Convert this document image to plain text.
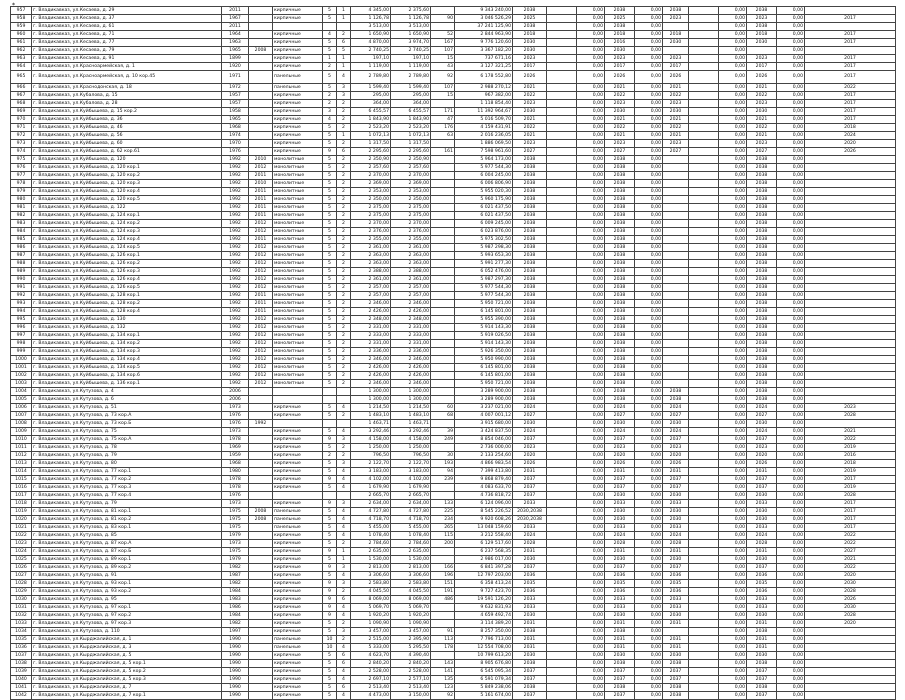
*
957	г. Владикавказ, ул.Кесаева, д. 29	2011		кирпичные	5	1	4 345,00	2 375,60		9 343 240,00	2038		0,00	2038	0,00	2038		0,00	2038	0,00	
958	г. Владикавказ, ул.Кесаева, д. 37	1967		кирпичные	5	1	1 126,78	1 126,78	90	3 046 526,29	2025		0,00	2025	0,00	2023		0,00	2023	0,00	2017
959	г. Владикавказ, ул.Кесаева, д. 61	2011					3 513,00	3 513,00		37 241 125,90	2038		0,00	2038	0,00			0,00	2038	0,00	
960	г. Владикавказ, ул.Кесаева, д. 71	1964		кирпичные	4	2	1 650,90	1 650,90	52	2 844 963,90	2018		0,00	2018	0,00	2018		0,00	2018	0,00	2017
961	г. Владикавказ, ул.Кесаева, д. 77	1963		кирпичные	5	6	4 870,00	3 974,70	167	9 776 120,60	2030		0,00	2016	0,00	2030		0,00	2030	0,00	2017
962	г. Владикавказ, ул.Кесаева, д. 79	1965	2008	кирпичные	5	5	2 740,25	2 740,25	107	3 367 182,20	2030		0,00	2030	0,00			0,00		0,00	
963	г. Владикавказ, ул.Кесаева, д. 91	1899		кирпичные	1	1	197,10	197,10	15	737 671,16	2023		0,00	2023	0,00	2023		0,00	2023	0,00	2017
964	г. Владикавказ, ул.Красноармейская, д. 1	1920		кирпичные	2	1	1 119,00	1 119,00	43	3 127 321,25	2017		0,00	2017	0,00	2017		0,00	2017	0,00	2017
965	г. Владикавказ, ул.Красноармейская, д. 10 кор.45	1971		панельные	5	4	2 789,80	2 789,80	92	6 178 552,80	2026		0,00	2026	0,00	2026		0,00	2026	0,00	2017
966	г. Владикавказ, ул.Краснодонская, д. 18	1972		панельные	5	3	1 599,40	1 599,40	107	2 988 270,12	2021		0,00	2021	0,00	2021		0,00	2021	0,00	2022
967	г. Владикавказ, ул.Кубалова, д. 15	1957		кирпичные	2	3	295,00	295,00	15	967 382,00	2022		0,00	2022	0,00	2022		0,00	2022	0,00	2017
968	г. Владикавказ, ул.Кубалова, д. 28	1957		кирпичные	2	2	364,00	364,00		1 118 854,40	2023		0,00	2023	0,00	2023		0,00	2023	0,00	2017
969	г. Владикавказ, ул.Куйбышева, д. 15 кор.2	1958		кирпичные	3	2	6 455,57	6 455,57	171	11 392 964,67	2030		0,00	2030	0,00	2030		0,00	2030	0,00	2017
970	г. Владикавказ, ул.Куйбышева, д. 36	1965		кирпичные	4	2	1 843,90	1 843,90	47	5 016 509,70	2021		0,00	2021	0,00	2021		0,00	2021	0,00	2017
971	г. Владикавказ, ул.Куйбышева, д. 46	1968		кирпичные	5	2	2 523,20	2 523,20	176	4 159 431,91	2022		0,00	2022	0,00	2022		0,00	2022	0,00	2018
972	г. Владикавказ, ул.Куйбышева, д. 56	1974		кирпичные	5	1	1 072,13	1 072,13	63	2 016 236,05	2021		0,00	2021	0,00	2021		0,00	2021	0,00	2024
973	г. Владикавказ, ул.Куйбышева, д. 60	1970		кирпичные	5	2	1 317,50	1 317,50		1 886 069,50	2023		0,00	2023	0,00	2023		0,00	2023	0,00	2020
974	г. Владикавказ, ул.Куйбышева, д. 62 кор.61	1976		кирпичные	9	6	2 295,60	2 295,60	161	7 598 961,60	2027		0,00	2027	0,00	2027		0,00	2027	0,00	2026
975	г. Владикавказ, ул.Куйбышева, д. 120	1992	2010	монолитные	5	2	2 350,90	2 350,90		5 964 173,00	2038		0,00	2038	0,00			0,00	2038	0,00	
976	г. Владикавказ, ул.Куйбышева, д. 120 кор.1	1992	2012	монолитные	5	2	2 357,60	2 357,60		5 977 544,30	2038		0,00	2038	0,00			0,00	2038	0,00	
977	г. Владикавказ, ул.Куйбышева, д. 120 кор.2	1992	2011	монолитные	5	2	2 370,00	2 370,00		6 004 245,00	2038		0,00	2038	0,00			0,00	2038	0,00	
978	г. Владикавказ, ул.Куйбышева, д. 120 кор.3	1992	2010	монолитные	5	2	2 369,00	2 369,00		6 006 806,90	2038		0,00	2038	0,00			0,00	2038	0,00	
979	г. Владикавказ, ул.Куйбышева, д. 120 кор.4	1992	2011	монолитные	5	2	2 353,00	2 353,00		5 955 020,30	2038		0,00	2038	0,00			0,00	2038	0,00	
980	г. Владикавказ, ул.Куйбышева, д. 120 кор.5	1992	2011	монолитные	5	2	2 350,00	2 350,00		5 960 175,90	2038		0,00	2038	0,00			0,00	2038	0,00	
981	г. Владикавказ, ул.Куйбышева, д. 122	1992	2011	монолитные	5	2	2 375,00	2 375,00		6 021 437,50	2038		0,00	2038	0,00			0,00	2038	0,00	
982	г. Владикавказ, ул.Куйбышева, д. 124 кор.1	1992	2011	монолитные	5	2	2 375,00	2 375,00		6 021 437,50	2038		0,00	2038	0,00			0,00	2038	0,00	
983	г. Владикавказ, ул.Куйбышева, д. 124 кор.2	1992	2012	монолитные	5	2	2 370,00	2 370,00		6 009 245,00	2038		0,00	2038	0,00			0,00	2038	0,00	
984	г. Владикавказ, ул.Куйбышева, д. 124 кор.3	1992	2012	монолитные	5	2	2 376,00	2 376,00		6 023 876,00	2038		0,00	2038	0,00			0,00	2038	0,00	
985	г. Владикавказ, ул.Куйбышева, д. 124 кор.4	1992	2011	монолитные	5	2	2 355,00	2 355,00		5 975 302,50	2038		0,00	2038	0,00			0,00	2038	0,00	
986	г. Владикавказ, ул.Куйбышева, д. 124 кор.5	1992	2012	монолитные	5	2	2 361,00	2 361,00		5 987 298,30	2038		0,00	2038	0,00			0,00	2038	0,00	
987	г. Владикавказ, ул.Куйбышева, д. 126 кор.1	1992	2012	монолитные	5	2	2 363,00	2 363,00		5 993 653,30	2038		0,00	2038	0,00			0,00	2038	0,00	
988	г. Владикавказ, ул.Куйбышева, д. 126 кор.2	1992	2012	монолитные	5	2	2 363,00	2 363,00		5 991 277,30	2038		0,00	2038	0,00			0,00	2038	0,00	
989	г. Владикавказ, ул.Куйбышева, д. 126 кор.3	1992	2012	монолитные	5	2	2 388,00	2 388,00		6 052 476,00	2038		0,00	2038	0,00			0,00	2038	0,00	
990	г. Владикавказ, ул.Куйбышева, д. 126 кор.4	1992	2012	монолитные	5	2	2 361,00	2 361,00		5 987 297,30	2038		0,00	2038	0,00			0,00	2038	0,00	
991	г. Владикавказ, ул.Куйбышева, д. 126 кор.5	1992	2012	монолитные	5	2	2 357,00	2 357,00		5 977 544,30	2038		0,00	2038	0,00			0,00	2038	0,00	
992	г. Владикавказ, ул.Куйбышева, д. 128 кор.1	1992	2011	монолитные	5	2	2 357,00	2 357,00		5 977 544,30	2038		0,00	2038	0,00			0,00	2038	0,00	
993	г. Владикавказ, ул.Куйбышева, д. 128 кор.2	1992	2011	монолитные	5	2	2 346,00	2 346,00		5 950 721,00	2038		0,00	2038	0,00			0,00	2038	0,00	
994	г. Владикавказ, ул.Куйбышева, д. 128 кор.4	1992	2011	монолитные	5	2	2 426,00	2 426,00		6 145 801,00	2038		0,00	2038	0,00			0,00	2038	0,00	
995	г. Владикавказ, ул.Куйбышева, д. 130	1992	2012	монолитные	5	2	2 348,00	2 348,00		5 955 390,00	2038		0,00	2038	0,00			0,00	2038	0,00	
996	г. Владикавказ, ул.Куйбышева, д. 132	1992	2012	монолитные	5	2	2 331,00	2 331,00		5 914 143,30	2038		0,00	2038	0,00			0,00	2038	0,00	
997	г. Владикавказ, ул.Куйбышева, д. 134 кор.1	1992	2012	монолитные	5	2	2 333,00	2 333,00		5 919 026,50	2038		0,00	2038	0,00			0,00	2038	0,00	
998	г. Владикавказ, ул.Куйбышева, д. 134 кор.2	1992	2012	монолитные	5	2	2 331,00	2 331,00		5 914 143,30	2038		0,00	2038	0,00			0,00	2038	0,00	
999	г. Владикавказ, ул.Куйбышева, д. 134 кор.3	1992	2012	монолитные	5	2	2 336,00	2 336,00		5 926 350,00	2038		0,00	2038	0,00			0,00	2038	0,00	
1000	г. Владикавказ, ул.Куйбышева, д. 134 кор.4	1992	2012	монолитные	5	2	2 346,00	2 346,00		5 950 990,00	2038		0,00	2038	0,00			0,00	2038	0,00	
1001	г. Владикавказ, ул.Куйбышева, д. 134 кор.5	1992	2012	монолитные	5	2	2 426,00	2 426,00		6 145 801,00	2038		0,00	2038	0,00			0,00	2038	0,00	
1002	г. Владикавказ, ул.Куйбышева, д. 134 кор.6	1992	2012	монолитные	5	2	2 426,00	2 426,00		6 145 801,00	2038		0,00	2038	0,00			0,00	2038	0,00	
1003	г. Владикавказ, ул.Куйбышева, д. 136 кор.1	1992	2012	монолитные	5	2	2 346,00	2 346,00		5 950 721,00	2038		0,00	2038	0,00			0,00	2038	0,00	
1004	г. Владикавказ, ул.Кутузова, д. 4	2006					1 300,00	1 300,00		3 289 900,00	2038		0,00	2038	0,00	2038		0,00	2038	0,00	
1005	г. Владикавказ, ул.Кутузова, д. 6	2006					1 300,00	1 300,00		3 289 900,00	2038		0,00	2038	0,00	2038		0,00	2038	0,00	
1006	г. Владикавказ, ул.Кутузова, д. 51	1973		кирпичные	5	4	1 214,50	1 214,50	60	3 237 021,00	2024		0,00	2024	0,00	2024		0,00	2024	0,00	2023
1007	г. Владикавказ, ул.Кутузова, д. 73 кор.А	1976		кирпичные	5	2	1 483,10	1 483,10	68	4 007 001,12	2027		0,00	2027	0,00	2027		0,00	2027	0,00	2028
1008	г. Владикавказ, ул.Кутузова, д. 73 кор.Б	1976	1992				1 463,71	1 463,71		3 915 680,00	2030		0,00	2030	0,00	2030		0,00	2030	0,00	
1009	г. Владикавказ, ул.Кутузова, д. 75	1973		кирпичные	5	4	3 292,46	3 292,46	39	3 424 837,50	2024		0,00	2024	0,00	2024		0,00	2024	0,00	2021
1010	г. Владикавказ, ул.Кутузова, д. 75 кор.А	1978		кирпичные	9	3	4 158,00	4 158,00	249	8 854 046,00	2037		0,00	2037	0,00	2037		0,00	2037	0,00	2022
1011	г. Владикавказ, ул.Кутузова, д. 78	1969		кирпичные	5	2	1 250,00	1 250,00		2 736 000,00	2023		0,00	2023	0,00	2023		0,00	2023	0,00	2019
1012	г. Владикавказ, ул.Кутузова, д. 79	1959		кирпичные	2	2	796,50	796,50	30	2 133 254,60	2020		0,00	2020	0,00	2020		0,00	2020	0,00	2016
1013	г. Владикавказ, ул.Кутузова, д. 80	1968		кирпичные	5	3	2 122,70	2 122,70	193	4 866 983,54	2026		0,00	2026	0,00	2026		0,00	2026	0,00	2018
1014	г. Владикавказ, ул.Кутузова, д. 77 кор.1	1980		кирпичные	5	4	3 183,00	3 183,00	94	7 399 413,80	2031		0,00	2031	0,00	2031		0,00	2031	0,00	2019
1015	г. Владикавказ, ул.Кутузова, д. 77 кор.2	1978		кирпичные	9	4	4 102,00	4 102,00	239	9 868 879,40	2037		0,00	2037	0,00	2037		0,00	2037	0,00	2017
1016	г. Владикавказ, ул.Кутузова, д. 77 кор.3	1978		кирпичные	5	4	1 679,90	1 679,90		4 083 633,70	2037		0,00	2037	0,00	2037		0,00	2037	0,00	2019
1017	г. Владикавказ, ул.Кутузова, д. 77 кор.4	1976					2 665,70	2 665,70		4 736 818,72	2037		0,00	2030	0,00	2030		0,00	2030	0,00	2028
1018	г. Владикавказ, ул.Кутузова, д. 79	1973		кирпичные	9	3	2 634,00	2 634,00	133	6 124 096,00	2033		0,00	2033	0,00	2033		0,00	2033	0,00	2017
1019	г. Владикавказ, ул.Кутузова, д. 81 кор.1	1975	2008	панельные	5	4	4 727,80	4 727,80	225	8 545 226,52	2030,2038		0,00	2030	0,00	2030		0,00	2030	0,00	2017
1020	г. Владикавказ, ул.Кутузова, д. 81 кор.2	1975	2008	панельные	5	4	4 718,70	4 718,70	234	9 920 608,26	2030,2038		0,00	2030	0,00	2030		0,00	2030	0,00	2017
1021	г. Владикавказ, ул.Кутузова, д. 83 кор.1	1975		панельные	5	4	5 455,00	5 455,00	265	13 048 159,60	2033		0,00	2033	0,00	2033		0,00	2033	0,00	2017
1022	г. Владикавказ, ул.Кутузова, д. 85	1979		кирпичные	5	4	1 078,40	1 078,40	115	3 212 558,40	2024		0,00	2024	0,00	2024		0,00	2024	0,00	2022
1023	г. Владикавказ, ул.Кутузова, д. 87 кор.А	1973		кирпичные	5	2	2 784,60	2 784,60	200	6 129 517,60	2028		0,00	2028	0,00	2028		0,00	2028	0,00	2022
1024	г. Владикавказ, ул.Кутузова, д. 87 кор.Б	1975		кирпичные	9	1	2 635,00	2 635,00		6 237 568,35	2031		0,00	2031	0,00	2031		0,00	2031	0,00	2027
1025	г. Владикавказ, ул.Кутузова, д. 89 кор.1	1979		кирпичные	5	1	1 530,00	1 530,00		2 986 017,00	2030		0,00	2030	0,00	2030		0,00	2030	0,00	2021
1026	г. Владикавказ, ул.Кутузова, д. 89 кор.2	1982		кирпичные	9	3	2 813,00	2 813,00	166	6 841 397,28	2037		0,00	2037	0,00	2037		0,00	2037	0,00	2022
1027	г. Владикавказ, ул.Кутузова, д. 91	1987		кирпичные	5	4	3 306,60	3 306,60	196	12 797 203,00	2036		0,00	2036	0,00	2036		0,00	2036	0,00	2020
1028	г. Владикавказ, ул.Кутузова, д. 93 кор.1	1982		кирпичные	9	3	2 583,80	2 583,80	151	6 358 413,24	2035		0,00	2035	0,00	2035		0,00	2035	0,00	2030
1029	г. Владикавказ, ул.Кутузова, д. 93 кор.2	1984		кирпичные	9	2	4 045,50	4 045,50	191	9 727 423,70	2036		0,00	2036	0,00	2036		0,00	2036	0,00	2028
1030	г. Владикавказ, ул.Кутузова, д. 95	1983		кирпичные	9	6	8 069,00	8 069,00	486	19 591 126,20	2033		0,00	2033	0,00	2033		0,00	2033	0,00	2026
1031	г. Владикавказ, ул.Кутузова, д. 97 кор.1	1986		кирпичные	9	4	5 069,70	5 069,70		9 632 831,93	2033		0,00	2033	0,00	2033		0,00	2033	0,00	2030
1032	г. Владикавказ, ул.Кутузова, д. 97 кор.2	1984		кирпичные	9	4	1 920,20	1 920,20		4 659 492,74	2030		0,00	2030	0,00	2030		0,00	2030	0,00	2028
1033	г. Владикавказ, ул.Кутузова, д. 97 кор.3	1982		кирпичные	5	2	1 090,90	1 090,90		3 114 389,20	2031		0,00	2031	0,00	2031		0,00	2031	0,00	2020
1034	г. Владикавказ, ул.Кутузова, д. 110	1997		кирпичные	5	3	3 457,00	3 457,00	91	8 257 350,00	2038		0,00	2038	0,00			0,00	2038	0,00	
1035	г. Владикавказ, ул.Кырджалийская, д. 1	1990		панельные	10	2	2 515,00	2 395,90	113	7 796 713,00	2031		0,00	2031	0,00	2031		0,00	2031	0,00	
1036	г. Владикавказ, ул.Кырджалийская, д. 3	1990		панельные	10	4	5 333,00	5 295,50	178	12 554 708,00	2031		0,00	2031	0,00	2031		0,00	2031	0,00	
1037	г. Владикавказ, ул.Кырджалийская, д. 5	1990		кирпичные	5	6	4 623,70	4 390,40		10 799 613,20	2030		0,00	2030	0,00	2030		0,00	2030	0,00	
1038	г. Владикавказ, ул.Кырджалийская, д. 5 кор.1	1990		кирпичные	5	6	2 840,20	2 840,20	143	8 905 676,80	2038		0,00	2038	0,00	2038		0,00	2038	0,00	
1039	г. Владикавказ, ул.Кырджалийская, д. 5 кор.2	1990		кирпичные	5	4	2 528,00	2 528,00	141	6 545 095,34	2037		0,00	2037	0,00	2037		0,00	2037	0,00	
1040	г. Владикавказ, ул.Кырджалийская, д. 5 кор.3	1990		кирпичные	5	4	2 697,10	2 577,10	135	6 591 079,34	2037		0,00	2037	0,00	2037		0,00	2037	0,00	
1041	г. Владикавказ, ул.Кырджалийская, д. 7	1990		кирпичные	5	6	2 513,40	2 513,40	123	5 849 238,06	2038		0,00	2038	0,00	2038		0,00	2038	0,00	
1042	г. Владикавказ, ул.Кырджалийская, д. 7 кор.1	1990		кирпичные	5	4	4 473,00	3 150,00	92	5 161 674,00	2037		0,00	2037	0,00	2038		0,00	2037	0,00	
